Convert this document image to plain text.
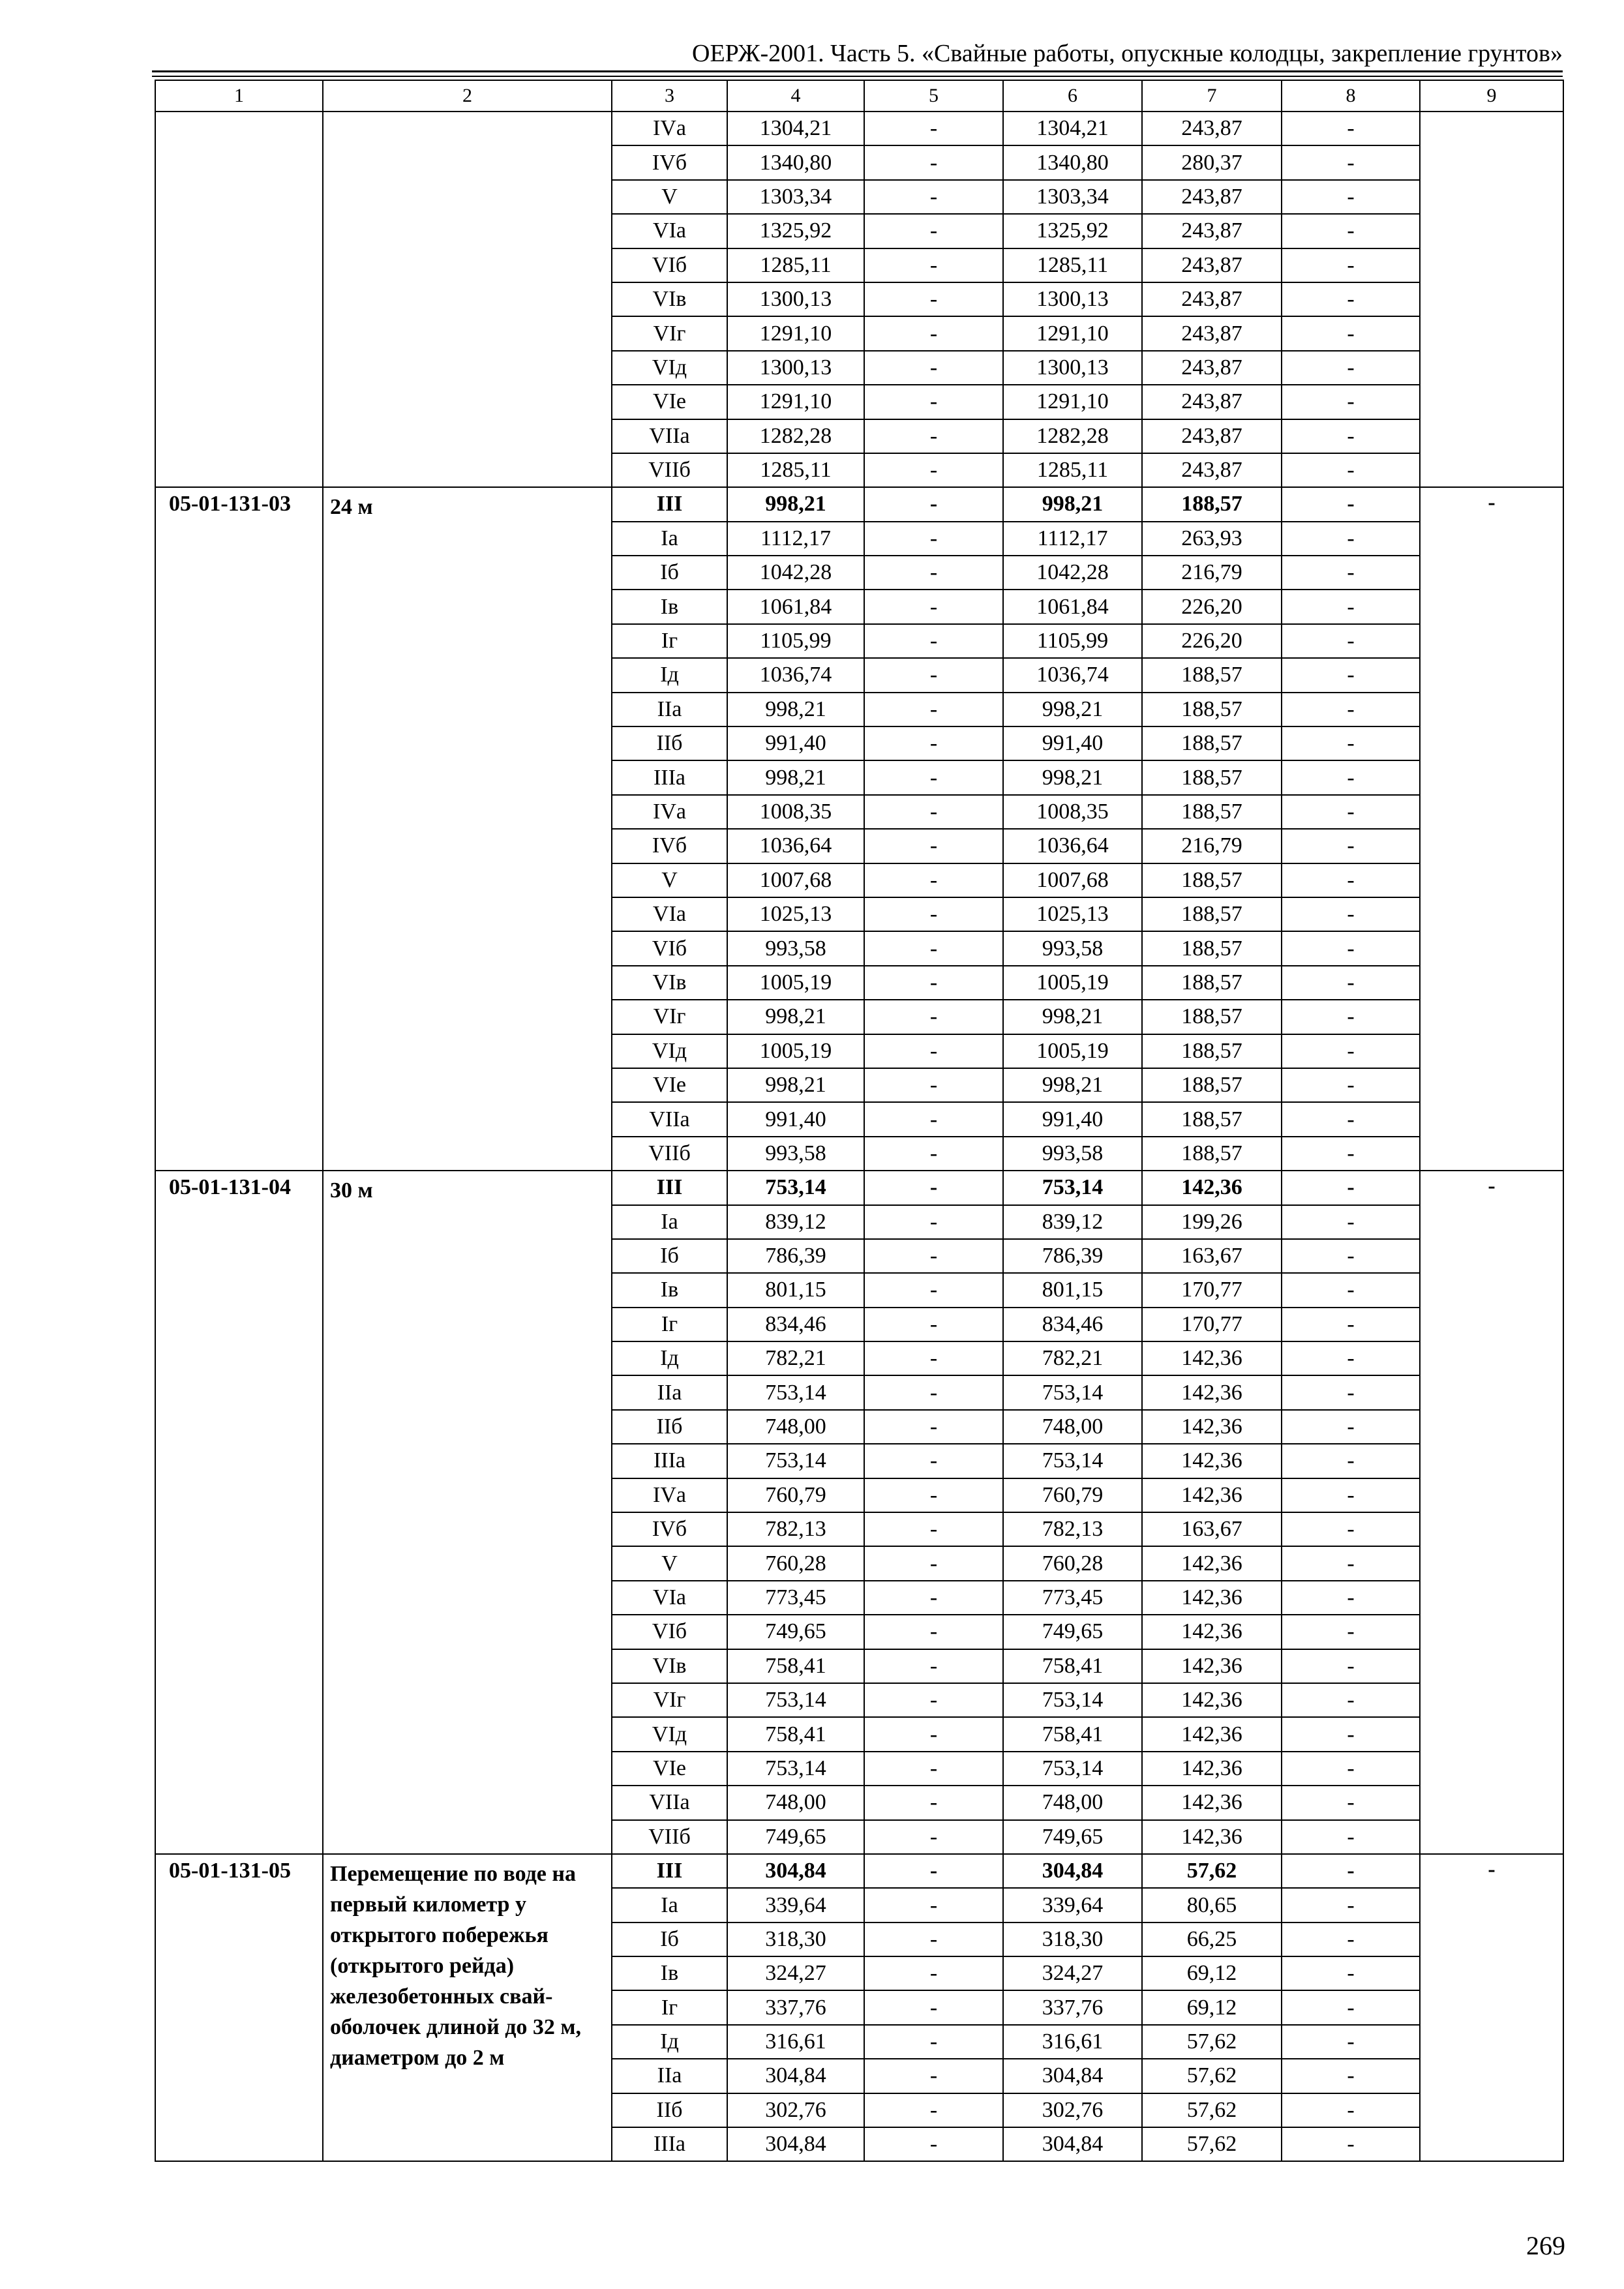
ОЕРЖ-2001. Часть 5. «Свайные работы, опускные колодцы, закрепление грунтов»
1	2	3	4	5	6	7	8	9
		IVа	1304,21	-	1304,21	243,87	-	
		IVб	1340,80	-	1340,80	280,37	-	
		V	1303,34	-	1303,34	243,87	-	
		VIа	1325,92	-	1325,92	243,87	-	
		VIб	1285,11	-	1285,11	243,87	-	
		VIв	1300,13	-	1300,13	243,87	-	
		VIг	1291,10	-	1291,10	243,87	-	
		VIд	1300,13	-	1300,13	243,87	-	
		VIе	1291,10	-	1291,10	243,87	-	
		VIIа	1282,28	-	1282,28	243,87	-	
		VIIб	1285,11	-	1285,11	243,87	-	
05-01-131-03	24 м	III	998,21	-	998,21	188,57	-	-
		Iа	1112,17	-	1112,17	263,93	-	
		Iб	1042,28	-	1042,28	216,79	-	
		Iв	1061,84	-	1061,84	226,20	-	
		Iг	1105,99	-	1105,99	226,20	-	
		Iд	1036,74	-	1036,74	188,57	-	
		IIа	998,21	-	998,21	188,57	-	
		IIб	991,40	-	991,40	188,57	-	
		IIIа	998,21	-	998,21	188,57	-	
		IVа	1008,35	-	1008,35	188,57	-	
		IVб	1036,64	-	1036,64	216,79	-	
		V	1007,68	-	1007,68	188,57	-	
		VIа	1025,13	-	1025,13	188,57	-	
		VIб	993,58	-	993,58	188,57	-	
		VIв	1005,19	-	1005,19	188,57	-	
		VIг	998,21	-	998,21	188,57	-	
		VIд	1005,19	-	1005,19	188,57	-	
		VIе	998,21	-	998,21	188,57	-	
		VIIа	991,40	-	991,40	188,57	-	
		VIIб	993,58	-	993,58	188,57	-	
05-01-131-04	30 м	III	753,14	-	753,14	142,36	-	-
		Iа	839,12	-	839,12	199,26	-	
		Iб	786,39	-	786,39	163,67	-	
		Iв	801,15	-	801,15	170,77	-	
		Iг	834,46	-	834,46	170,77	-	
		Iд	782,21	-	782,21	142,36	-	
		IIа	753,14	-	753,14	142,36	-	
		IIб	748,00	-	748,00	142,36	-	
		IIIа	753,14	-	753,14	142,36	-	
		IVа	760,79	-	760,79	142,36	-	
		IVб	782,13	-	782,13	163,67	-	
		V	760,28	-	760,28	142,36	-	
		VIа	773,45	-	773,45	142,36	-	
		VIб	749,65	-	749,65	142,36	-	
		VIв	758,41	-	758,41	142,36	-	
		VIг	753,14	-	753,14	142,36	-	
		VIд	758,41	-	758,41	142,36	-	
		VIе	753,14	-	753,14	142,36	-	
		VIIа	748,00	-	748,00	142,36	-	
		VIIб	749,65	-	749,65	142,36	-	
05-01-131-05	Перемещение по воде на первый километр у открытого побережья (открытого рейда) железобетонных свай-оболочек длиной до 32 м, диаметром до 2 м	III	304,84	-	304,84	57,62	-	-
		Iа	339,64	-	339,64	80,65	-	
		Iб	318,30	-	318,30	66,25	-	
		Iв	324,27	-	324,27	69,12	-	
		Iг	337,76	-	337,76	69,12	-	
		Iд	316,61	-	316,61	57,62	-	
		IIа	304,84	-	304,84	57,62	-	
		IIб	302,76	-	302,76	57,62	-	
		IIIа	304,84	-	304,84	57,62	-	
269
